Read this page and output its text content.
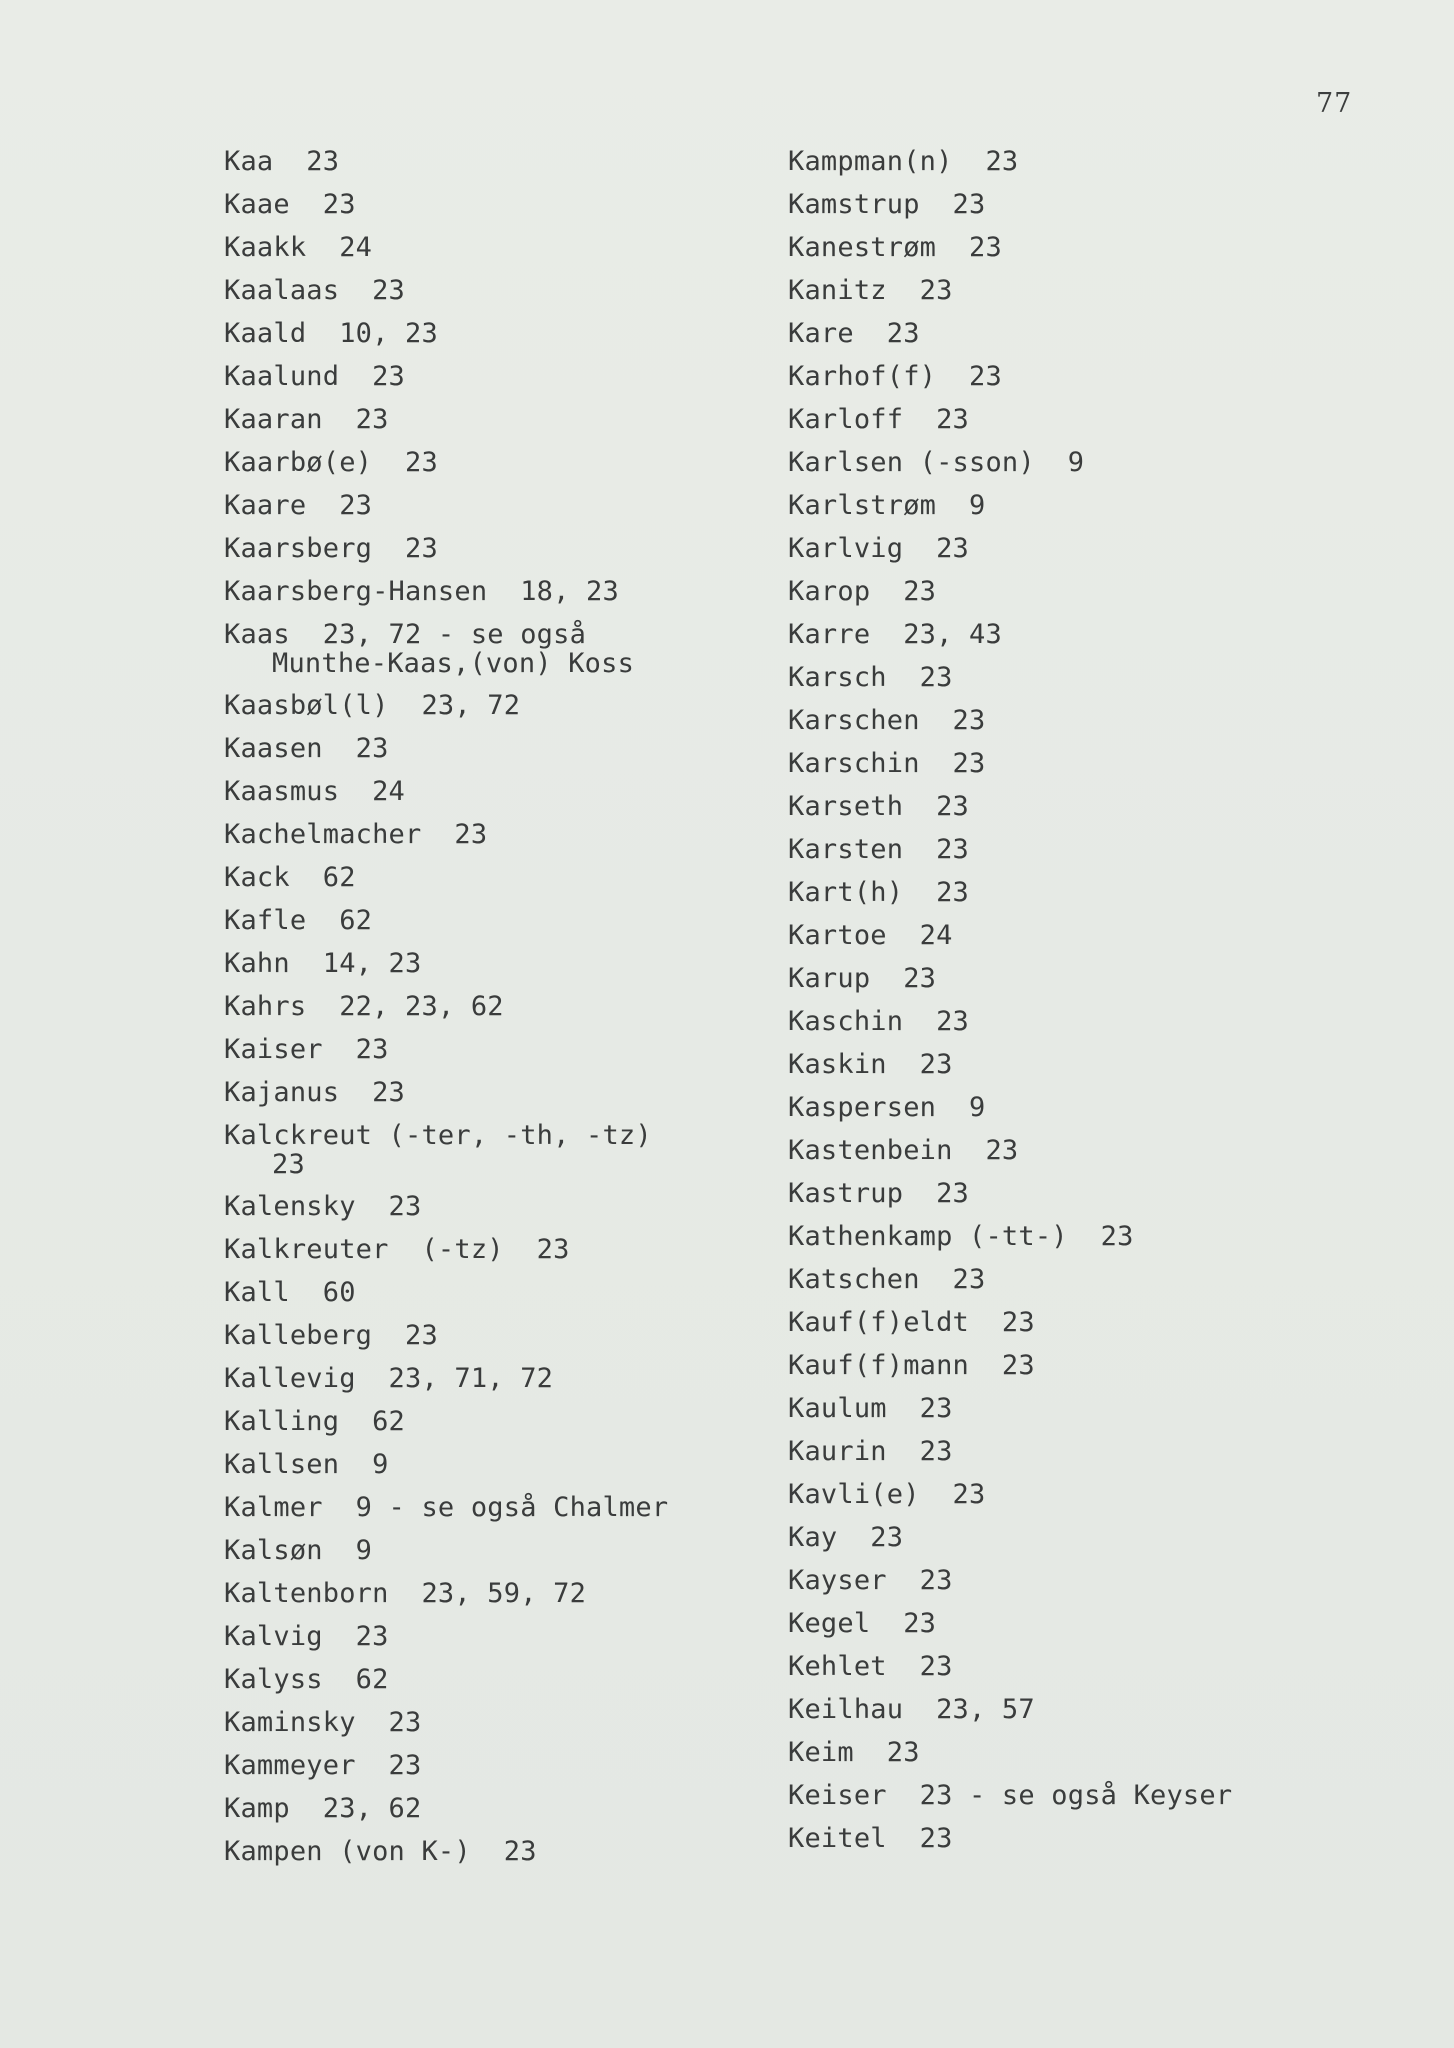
77
Kaa  23
Kaae  23
Kaakk  24
Kaalaas  23
Kaald  10, 23
Kaalund  23
Kaaran  23
Kaarbø(e)  23
Kaare  23
Kaarsberg  23
Kaarsberg-Hansen  18, 23
Kaas  23, 72 - se også
Munthe-Kaas,(von) Koss
Kaasbøl(l)  23, 72
Kaasen  23
Kaasmus  24
Kachelmacher  23
Kack  62
Kafle  62
Kahn  14, 23
Kahrs  22, 23, 62
Kaiser  23
Kajanus  23
Kalckreut (-ter, -th, -tz)
23
Kalensky  23
Kalkreuter  (-tz)  23
Kall  60
Kalleberg  23
Kallevig  23, 71, 72
Kalling  62
Kallsen  9
Kalmer  9 - se også Chalmer
Kalsøn  9
Kaltenborn  23, 59, 72
Kalvig  23
Kalyss  62
Kaminsky  23
Kammeyer  23
Kamp  23, 62
Kampen (von K-)  23
Kampman(n)  23
Kamstrup  23
Kanestrøm  23
Kanitz  23
Kare  23
Karhof(f)  23
Karloff  23
Karlsen (-sson)  9
Karlstrøm  9
Karlvig  23
Karop  23
Karre  23, 43
Karsch  23
Karschen  23
Karschin  23
Karseth  23
Karsten  23
Kart(h)  23
Kartoe  24
Karup  23
Kaschin  23
Kaskin  23
Kaspersen  9
Kastenbein  23
Kastrup  23
Kathenkamp (-tt-)  23
Katschen  23
Kauf(f)eldt  23
Kauf(f)mann  23
Kaulum  23
Kaurin  23
Kavli(e)  23
Kay  23
Kayser  23
Kegel  23
Kehlet  23
Keilhau  23, 57
Keim  23
Keiser  23 - se også Keyser
Keitel  23
